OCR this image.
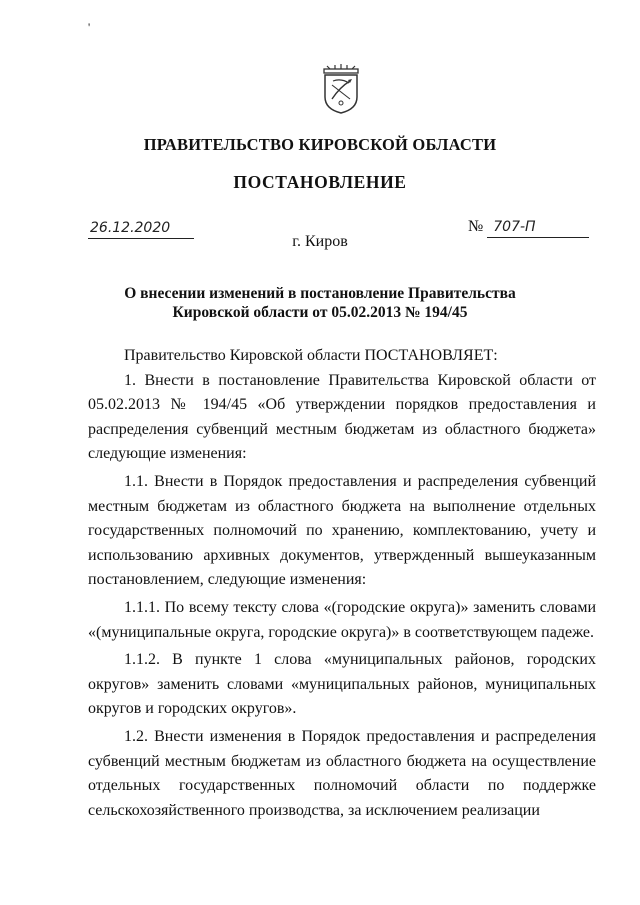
'
ПРАВИТЕЛЬСТВО КИРОВСКОЙ ОБЛАСТИ
ПОСТАНОВЛЕНИЕ
26.12.2020	№ 707-П
г. Киров
О внесении изменений в постановление Правительства
Кировской области от 05.02.2013 № 194/45

Правительство Кировской области ПОСТАНОВЛЯЕТ:

1. Внести в постановление Правительства Кировской области от 05.02.2013 № 194/45 «Об утверждении порядков предоставления и распределения субвенций местным бюджетам из областного бюджета» следующие изменения:

1.1. Внести в Порядок предоставления и распределения субвенций местным бюджетам из областного бюджета на выполнение отдельных государственных полномочий по хранению, комплектованию, учету и использованию архивных документов, утвержденный вышеуказанным постановлением, следующие изменения:

1.1.1. По всему тексту слова «(городские округа)» заменить словами «(муниципальные округа, городские округа)» в соответствующем падеже.

1.1.2. В пункте 1 слова «муниципальных районов, городских округов» заменить словами «муниципальных районов, муниципальных округов и городских округов».

1.2. Внести изменения в Порядок предоставления и распределения субвенций местным бюджетам из областного бюджета на осуществление отдельных государственных полномочий области по поддержке сельскохозяйственного производства, за исключением реализации
